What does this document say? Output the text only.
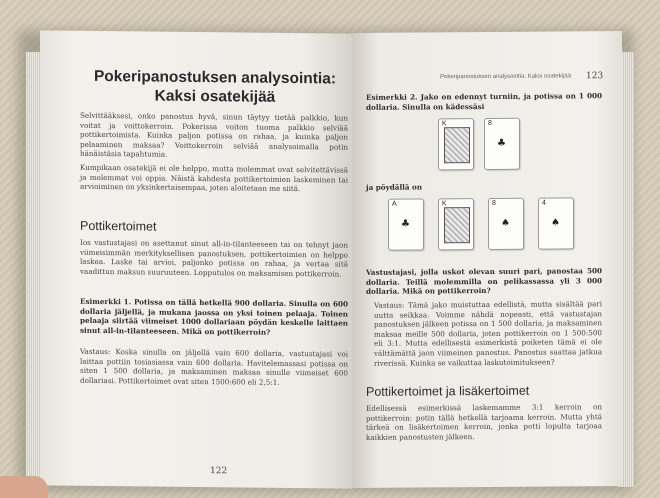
Pokeripanostuksen analysointia:
Kaksi osatekijää

Selvittääksesi, onko panostus hyvä, sinun täytyy tietää palkkio, kun voitat ja voittokerroin. Pokerissa voiton tuoma palkkio selviää pottikertoimista. Kuinka paljon potissa on rahaa, ja kuinka paljon pelaaminen maksaa? Voittokerroin selviää analysoimalla potin hänäistäsia tapahtumia.

Kumpikaan osatekijä ei ole helppo, mutta molemmat ovat selvitettävissä ja molemmat voi oppia. Näistä kahdesta pottikertoimien laskeminen tai arvioiminen on yksinkertaisempaa, joten aloitetaan me siitä.

Pottikertoimet

Ios vastustajasi on asettanut sinut all-in-tilanteeseen tai on tehnyt jaon viimeisimmän merkityksellisen panostuksen, pottikertoimien on helppo laskea. Laske tai arvioi, paljonko potissa on rahaa, ja vertaa sitä vaadittun maksun suuruuteen. Lopputulos on maksamisen pottikerroin.

Esimerkki 1. Potissa on tällä hetkellä 900 dollaria. Sinulla on 600 dollaria jäljellä, ja mukana jaossa on yksi toinen pelaaja. Toinen pelaaja siirtää viimeiset 1000 dollariaan pöydän keskelle laittaen sinut all-in-tilanteeseen. Mikä on pottikerroin?

Vastaus: Koska sinulla on jäljellä vain 600 dollaria, vastustajasi voi laittaa pottiin tosiasiassa vain 600 dollaria. Havitelemassasi potissa on siten 1 500 dollaria, ja maksaminen maksaa sinulle viimeiset 600 dollariasi. Pottikertoimet ovat siten 1500:600 eli 2,5:1.

122
Pokeripanostuksen analysointia: Kaksi osatekijää 123

Esimerkki 2. Jako on edennyt turniin, ja potissa on 1 000 dollaria. Sinulla on kädessäsi

K	8
♣

ja pöydällä on

A
♣
K	8
♠
4
♠

Vastustajasi, jolla uskot olevan suuri pari, panostaa 500 dollaria. Teillä molemmilla on pelikassassa yli 3 000 dollaria. Mikä on pottikerroin?

Vastaus: Tämä jako muistuttaa edellistä, mutta sisältää pari uutta seikkaa. Voimme nähdä nopeasti, että vastustajan panostuksen jälkeen potissa on 1 500 dollaria, ja maksaminen maksaa meille 500 dollaria, joten pottikerroin on 1 500:500 eli 3:1. Mutta edellisestä esimerkistä poiketen tämä ei ole välttämättä jaon viimeinen panostus. Panostus saattaa jatkua riverissä. Kuinka se vaikuttaa laskutoimitukseen?

Pottikertoimet ja lisäkertoimet

Edellisessä esimerkissä laskemamme 3:1 kerroin on pottikerroin: potin tällä hetkellä tarjoama kerroin. Mutta yhtä tärkeä on lisäkertoimen kerroin, jonka potti lopulta tarjoaa kaikkien panostusten jälkeen.
